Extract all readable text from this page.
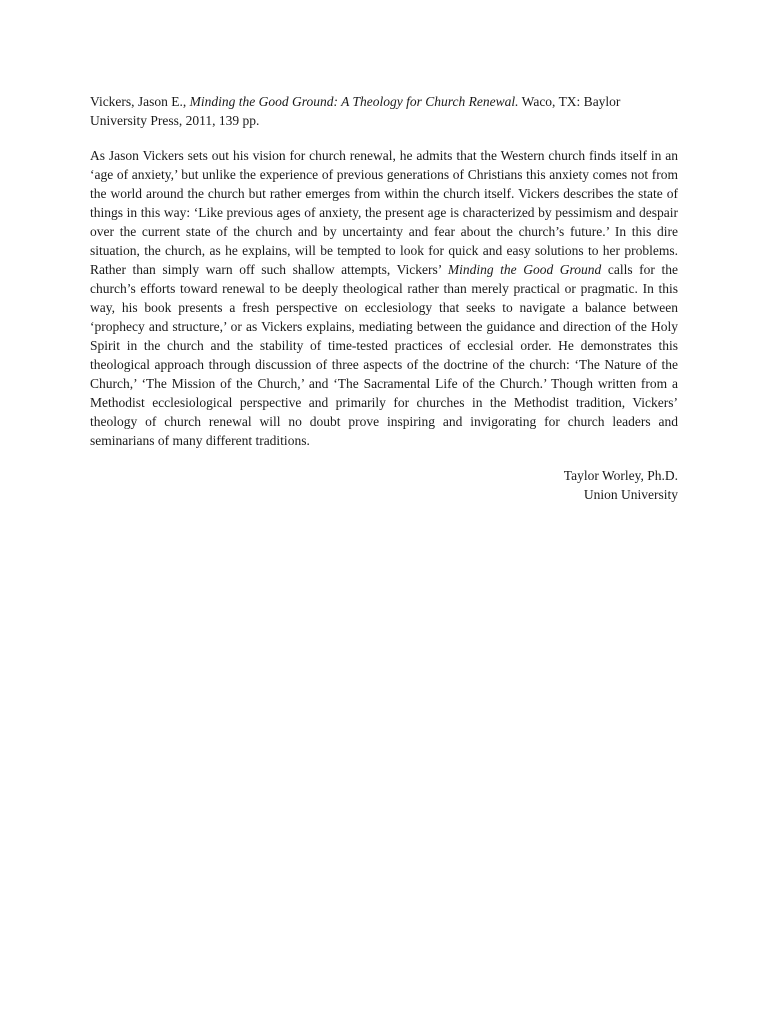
Vickers, Jason E., Minding the Good Ground: A Theology for Church Renewal. Waco, TX: Baylor University Press, 2011, 139 pp.

As Jason Vickers sets out his vision for church renewal, he admits that the Western church finds itself in an ‘age of anxiety,’ but unlike the experience of previous generations of Christians this anxiety comes not from the world around the church but rather emerges from within the church itself. Vickers describes the state of things in this way: ‘Like previous ages of anxiety, the present age is characterized by pessimism and despair over the current state of the church and by uncertainty and fear about the church’s future.’ In this dire situation, the church, as he explains, will be tempted to look for quick and easy solutions to her problems. Rather than simply warn off such shallow attempts, Vickers’ Minding the Good Ground calls for the church’s efforts toward renewal to be deeply theological rather than merely practical or pragmatic. In this way, his book presents a fresh perspective on ecclesiology that seeks to navigate a balance between ‘prophecy and structure,’ or as Vickers explains, mediating between the guidance and direction of the Holy Spirit in the church and the stability of time-tested practices of ecclesial order. He demonstrates this theological approach through discussion of three aspects of the doctrine of the church: ‘The Nature of the Church,’ ‘The Mission of the Church,’ and ‘The Sacramental Life of the Church.’ Though written from a Methodist ecclesiological perspective and primarily for churches in the Methodist tradition, Vickers’ theology of church renewal will no doubt prove inspiring and invigorating for church leaders and seminarians of many different traditions.

Taylor Worley, Ph.D.
Union University
